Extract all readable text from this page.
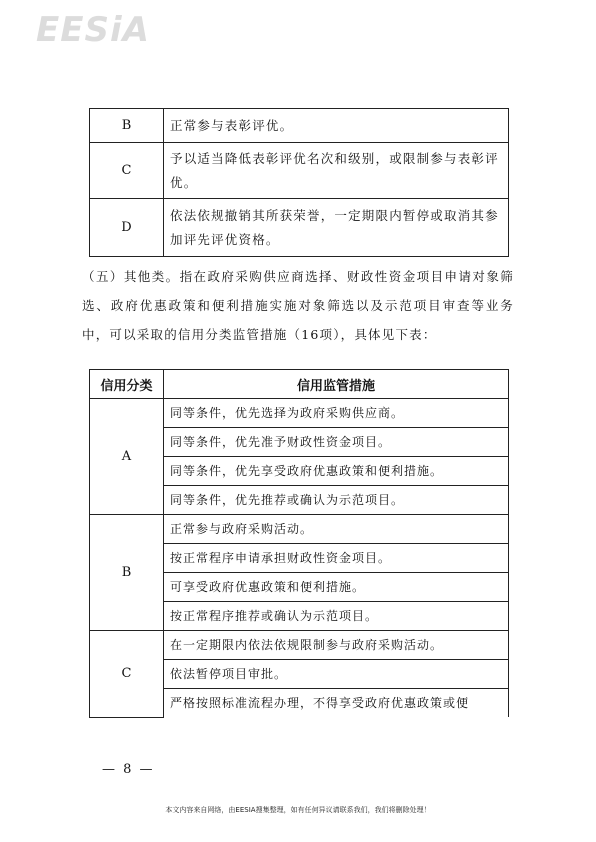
EESiA
B	正常参与表彰评优。
C	予以适当降低表彰评优名次和级别，或限制参与表彰评优。
D	依法依规撤销其所获荣誉，一定期限内暂停或取消其参加评先评优资格。
（五）其他类。指在政府采购供应商选择、财政性资金项目申请对象筛选、政府优惠政策和便利措施实施对象筛选以及示范项目审查等业务中，可以采取的信用分类监管措施（16项），具体见下表：
信用分类	信用监管措施
A	同等条件，优先选择为政府采购供应商。
	同等条件，优先准予财政性资金项目。
	同等条件，优先享受政府优惠政策和便利措施。
	同等条件，优先推荐或确认为示范项目。
B	正常参与政府采购活动。
	按正常程序申请承担财政性资金项目。
	可享受政府优惠政策和便利措施。
	按正常程序推荐或确认为示范项目。
C	在一定期限内依法依规限制参与政府采购活动。
	依法暂停项目审批。
	严格按照标准流程办理，不得享受政府优惠政策或便
— 8 —
本文内容来自网络，由EESIA搜集整理，如有任何异议请联系我们，我们将删除处理！
